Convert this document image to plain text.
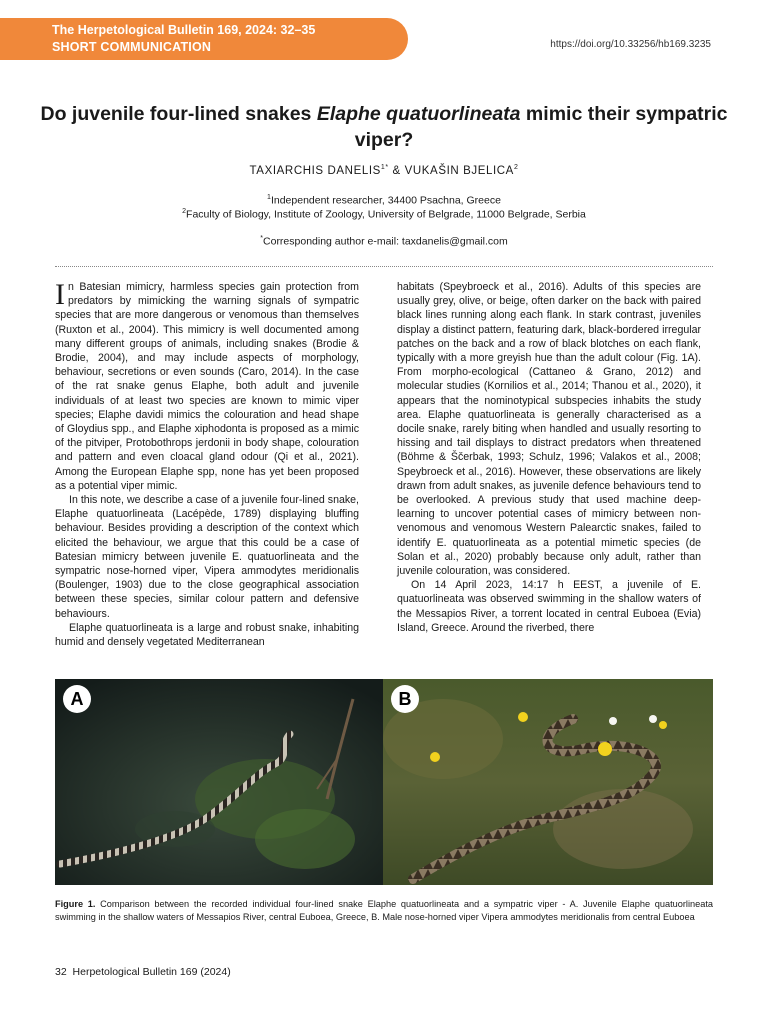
The Herpetological Bulletin 169, 2024: 32–35
SHORT COMMUNICATION	https://doi.org/10.33256/hb169.3235
Do juvenile four-lined snakes Elaphe quatuorlineata mimic their sympatric viper?
TAXIARCHIS $DANELIS^{1*}$ & VUKAŠIN BJELICA$^2$
$^1$Independent researcher, 34400 Psachna, Greece
$^2$Faculty of Biology, Institute of Zoology, University of Belgrade, 11000 Belgrade, Serbia
*Corresponding author e-mail: taxdanelis@gmail.com

In Batesian mimicry, harmless species gain protection from predators by mimicking the warning signals of sympatric species that are more dangerous or venomous than themselves (Ruxton et al., 2004). This mimicry is well documented among many different groups of animals, including snakes (Brodie & Brodie, 2004), and may include aspects of morphology, behaviour, secretions or even sounds (Caro, 2014). In the case of the rat snake genus Elaphe, both adult and juvenile individuals of at least two species are known to mimic viper species; Elaphe davidi mimics the colouration and head shape of Gloydius spp., and Elaphe xiphodonta is proposed as a mimic of the pitviper, Protobothrops jerdonii in body shape, colouration and pattern and even cloacal gland odour (Qi et al., 2021). Among the European Elaphe spp, none has yet been proposed as a potential viper mimic.

In this note, we describe a case of a juvenile four-lined snake, Elaphe quatuorlineata (Lacépède, 1789) displaying bluffing behaviour. Besides providing a description of the context which elicited the behaviour, we argue that this could be a case of Batesian mimicry between juvenile E. quatuorlineata and the sympatric nose-horned viper, Vipera ammodytes meridionalis (Boulenger, 1903) due to the close geographical association between these species, similar colour pattern and defensive behaviours.

Elaphe quatuorlineata is a large and robust snake, inhabiting humid and densely vegetated Mediterranean

habitats (Speybroeck et al., 2016). Adults of this species are usually grey, olive, or beige, often darker on the back with paired black lines running along each flank. In stark contrast, juveniles display a distinct pattern, featuring dark, black-bordered irregular patches on the back and a row of black blotches on each flank, typically with a more greyish hue than the adult colour (Fig. 1A). From morpho-ecological (Cattaneo & Grano, 2012) and molecular studies (Kornilios et al., 2014; Thanou et al., 2020), it appears that the nominotypical subspecies inhabits the study area. Elaphe quatuorlineata is generally characterised as a docile snake, rarely biting when handled and usually resorting to hissing and tail displays to distract predators when threatened (Böhme & Ščerbak, 1993; Schulz, 1996; Valakos et al., 2008; Speybroeck et al., 2016). However, these observations are likely drawn from adult snakes, as juvenile defence behaviours tend to be overlooked. A previous study that used machine deep-learning to uncover potential cases of mimicry between non-venomous and venomous Western Palearctic snakes, failed to identify E. quatuorlineata as a potential mimetic species (de Solan et al., 2020) probably because only adult, rather than juvenile colouration, was considered.

On 14 April 2023, 14:17 h EEST, a juvenile of E. quatuorlineata was observed swimming in the shallow waters of the Messapios River, a torrent located in central Euboea (Evia) Island, Greece. Around the riverbed, there

A	B
Figure 1. Comparison between the recorded individual four-lined snake Elaphe quatuorlineata and a sympatric viper - A. Juvenile Elaphe quatuorlineata swimming in the shallow waters of Messapios River, central Euboea, Greece, B. Male nose-horned viper Vipera ammodytes meridionalis from central Euboea
32 Herpetological Bulletin 169 (2024)
